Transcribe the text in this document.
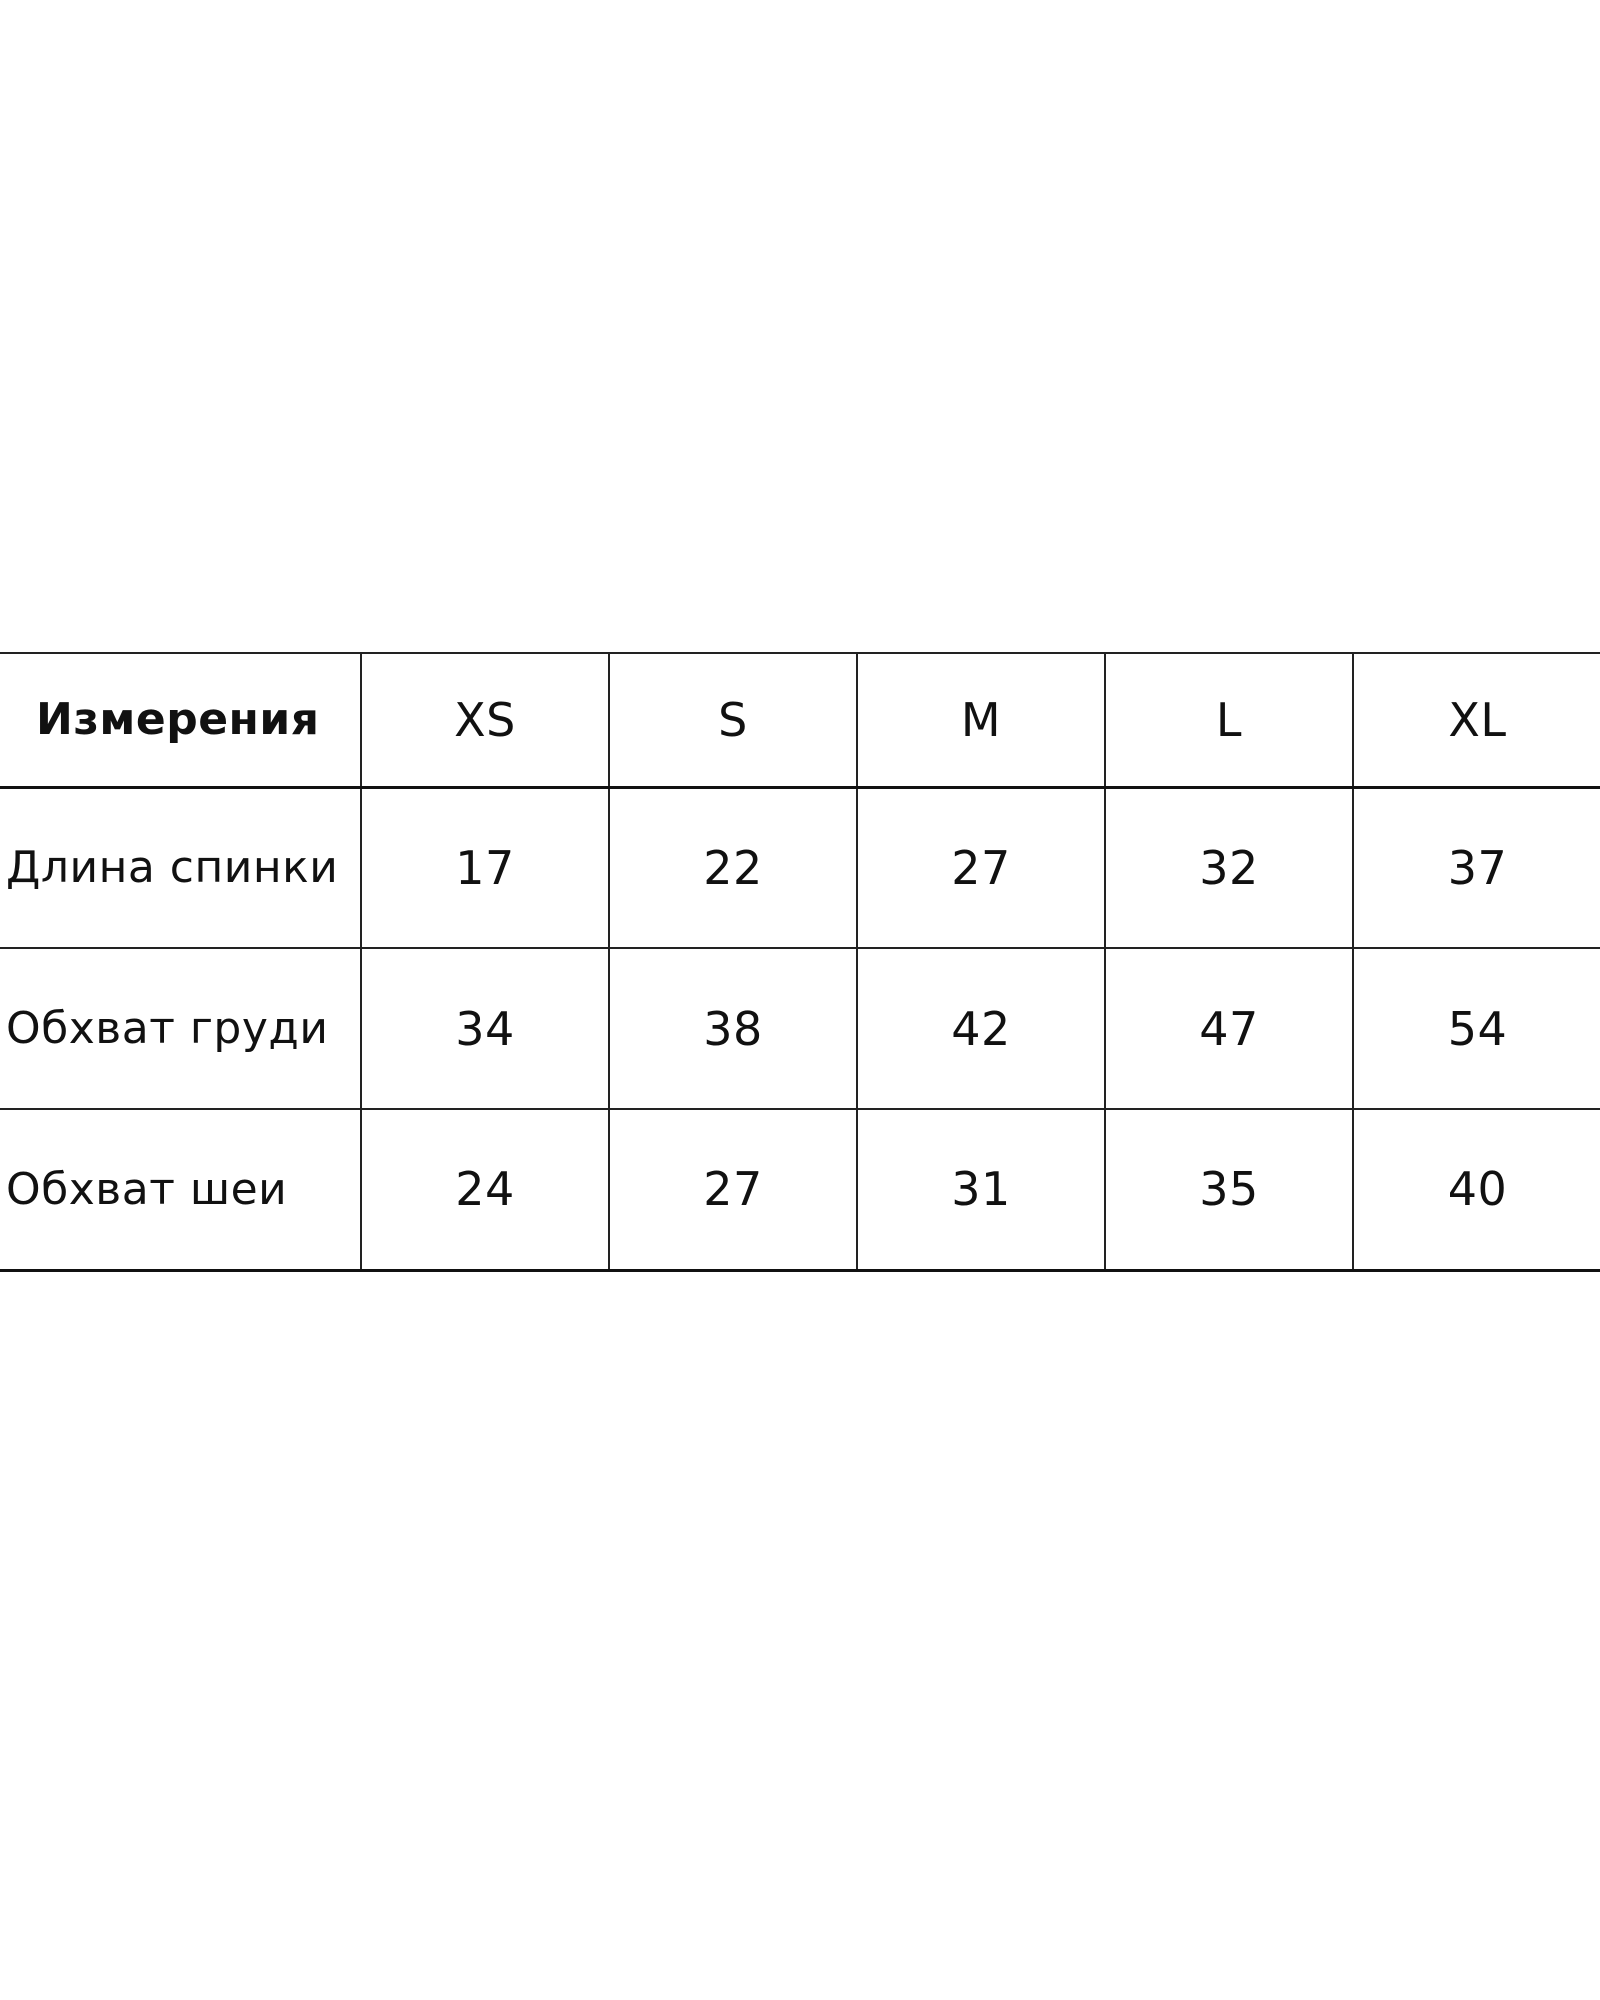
Измерения	XS	S	M	L	XL
Длина спинки	17	22	27	32	37
Обхват груди	34	38	42	47	54
Обхват шеи	24	27	31	35	40
